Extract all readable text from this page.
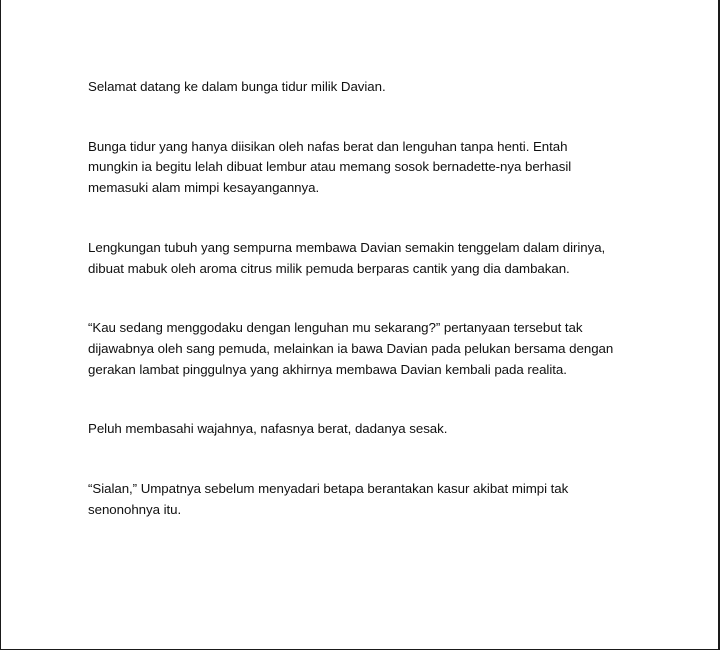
Selamat datang ke dalam bunga tidur milik Davian.

Bunga tidur yang hanya diisikan oleh nafas berat dan lenguhan tanpa henti. Entah mungkin ia begitu lelah dibuat lembur atau memang sosok bernadette-nya berhasil memasuki alam mimpi kesayangannya.

Lengkungan tubuh yang sempurna membawa Davian semakin tenggelam dalam dirinya, dibuat mabuk oleh aroma citrus milik pemuda berparas cantik yang dia dambakan.

“Kau sedang menggodaku dengan lenguhan mu sekarang?” pertanyaan tersebut tak dijawabnya oleh sang pemuda, melainkan ia bawa Davian pada pelukan bersama dengan gerakan lambat pinggulnya yang akhirnya membawa Davian kembali pada realita.

Peluh membasahi wajahnya, nafasnya berat, dadanya sesak.

“Sialan,” Umpatnya sebelum menyadari betapa berantakan kasur akibat mimpi tak senonohnya itu.
